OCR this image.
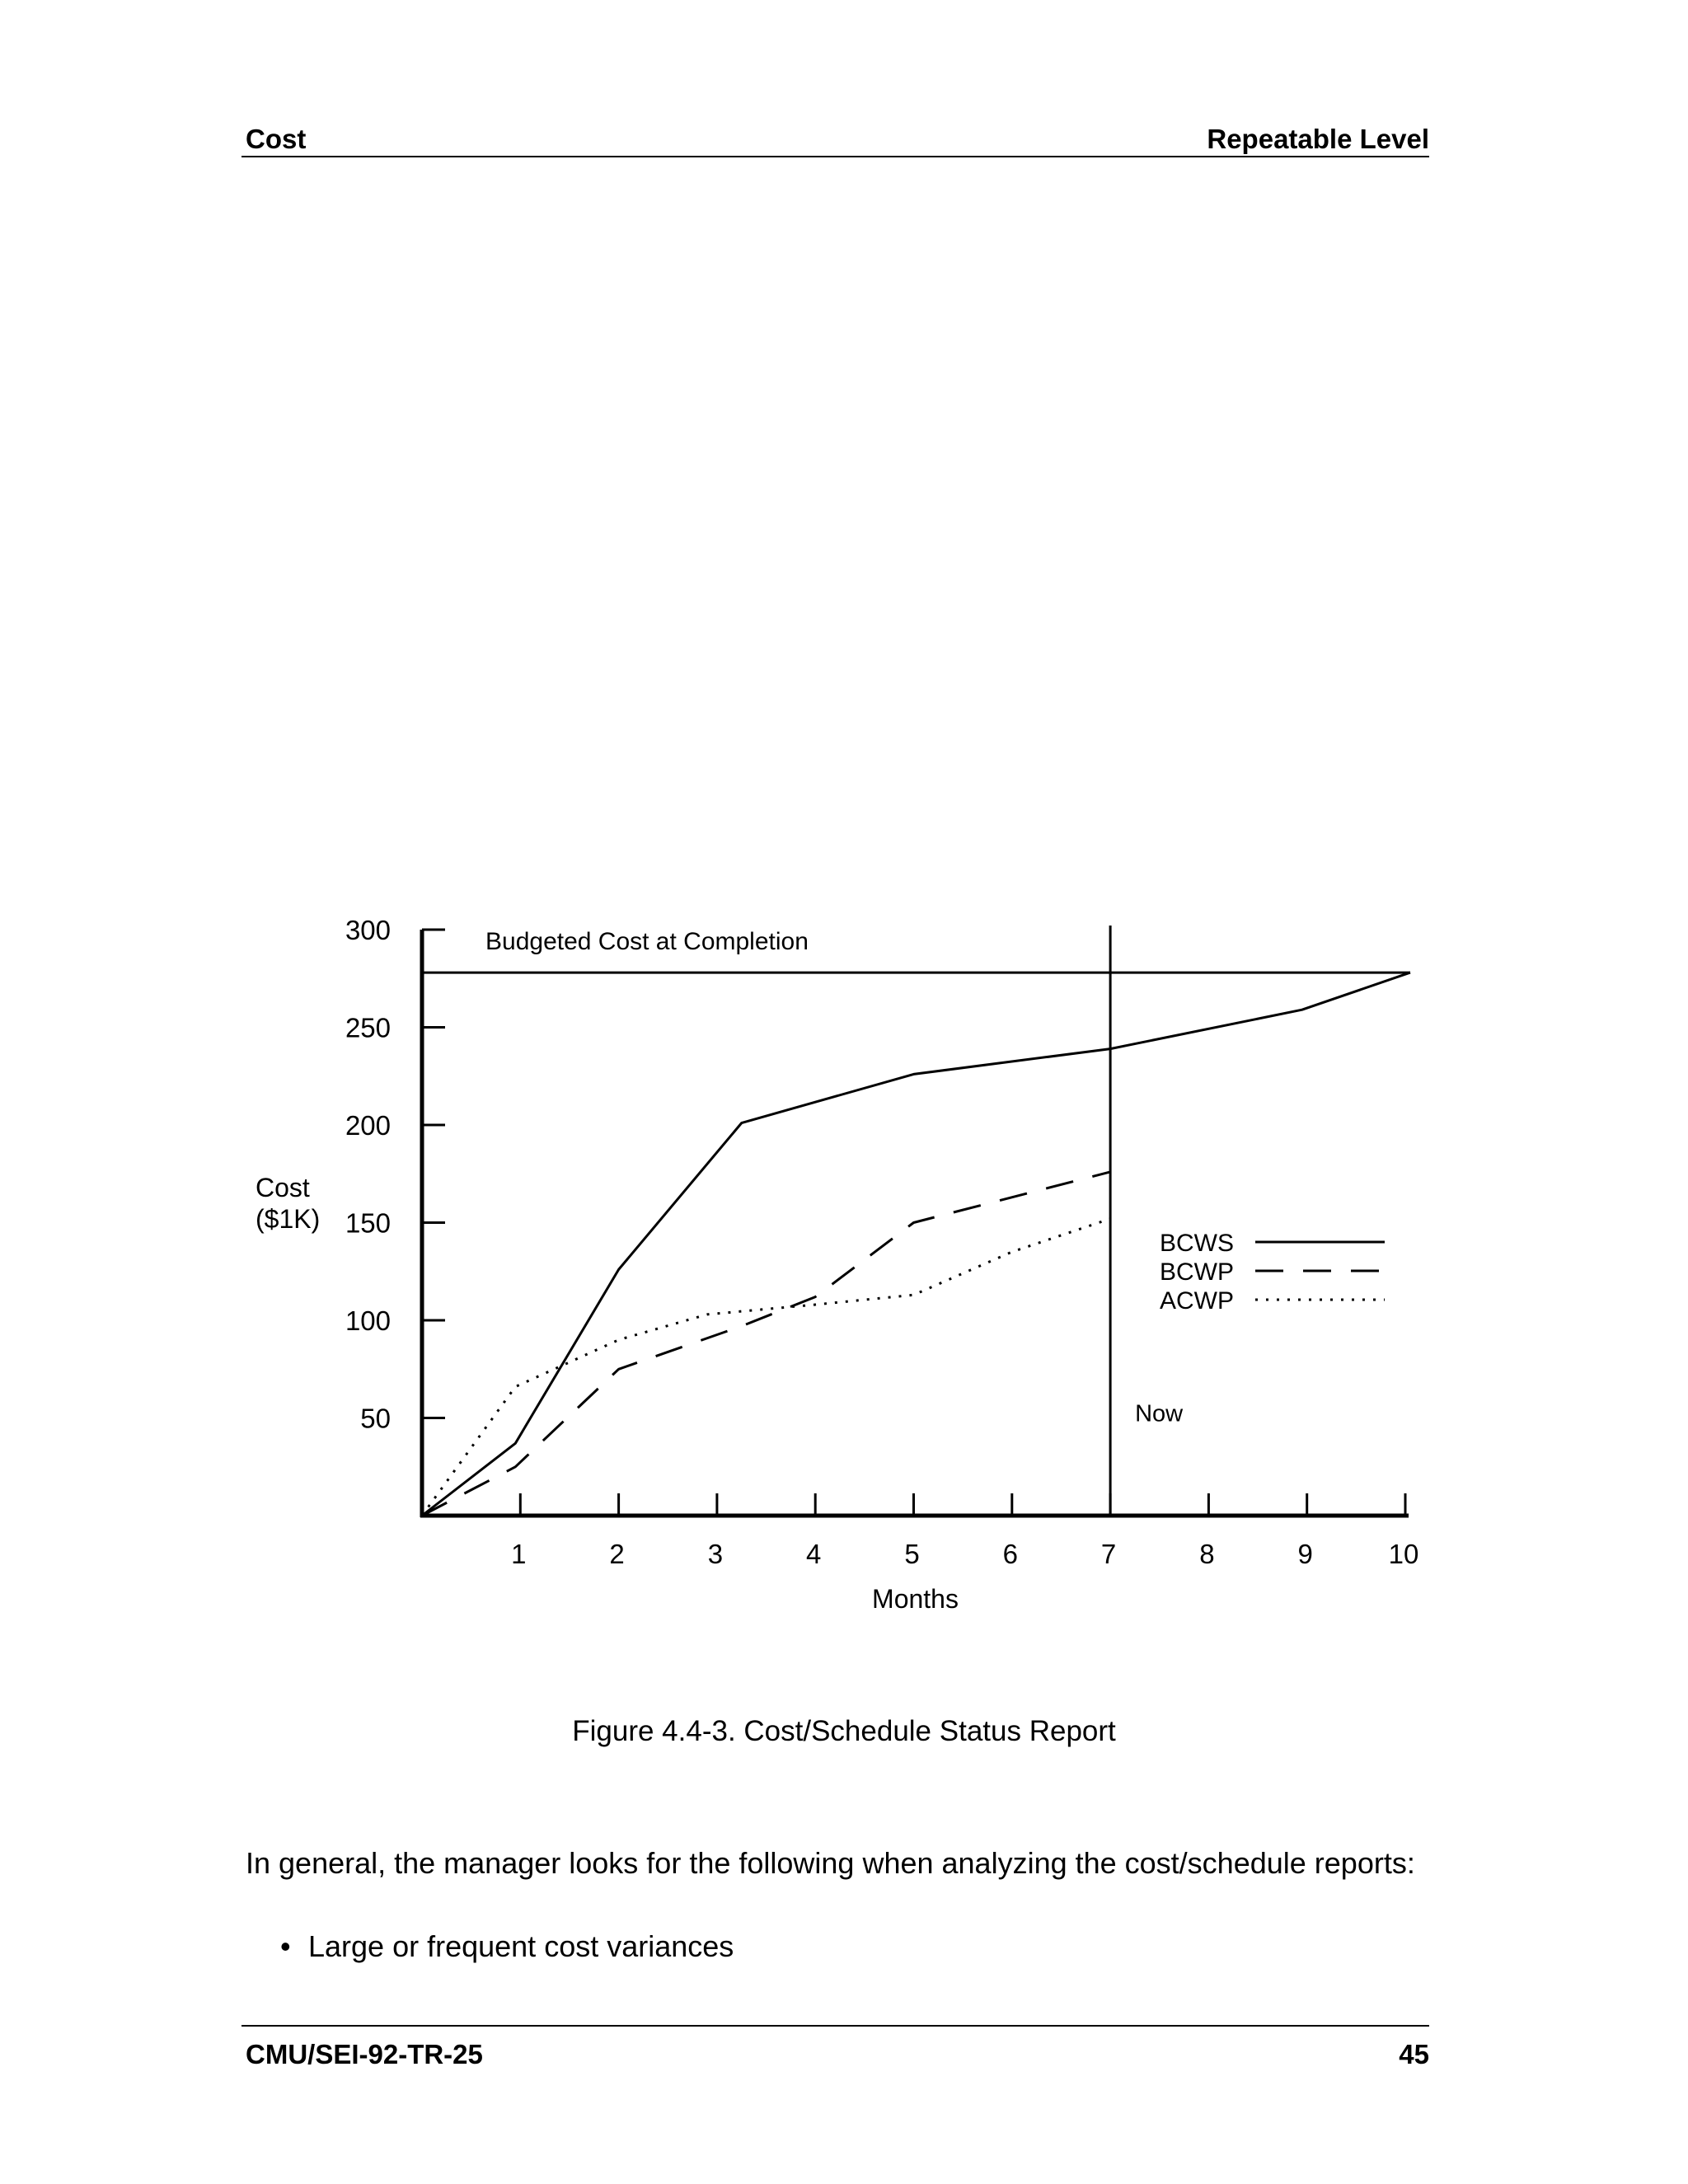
Cost	Repeatable Level
50
100
150
200
250
300
1	2	3	4	5	6	7	8	9	10
Budgeted Cost at Completion
Now
BCWS
BCWP
ACWP
Months
Cost
($1K)
Figure 4.4-3. Cost/Schedule Status Report
In general, the manager looks for the following when analyzing the cost/schedule reports:
• Large or frequent cost variances
CMU/SEI-92-TR-25	45
